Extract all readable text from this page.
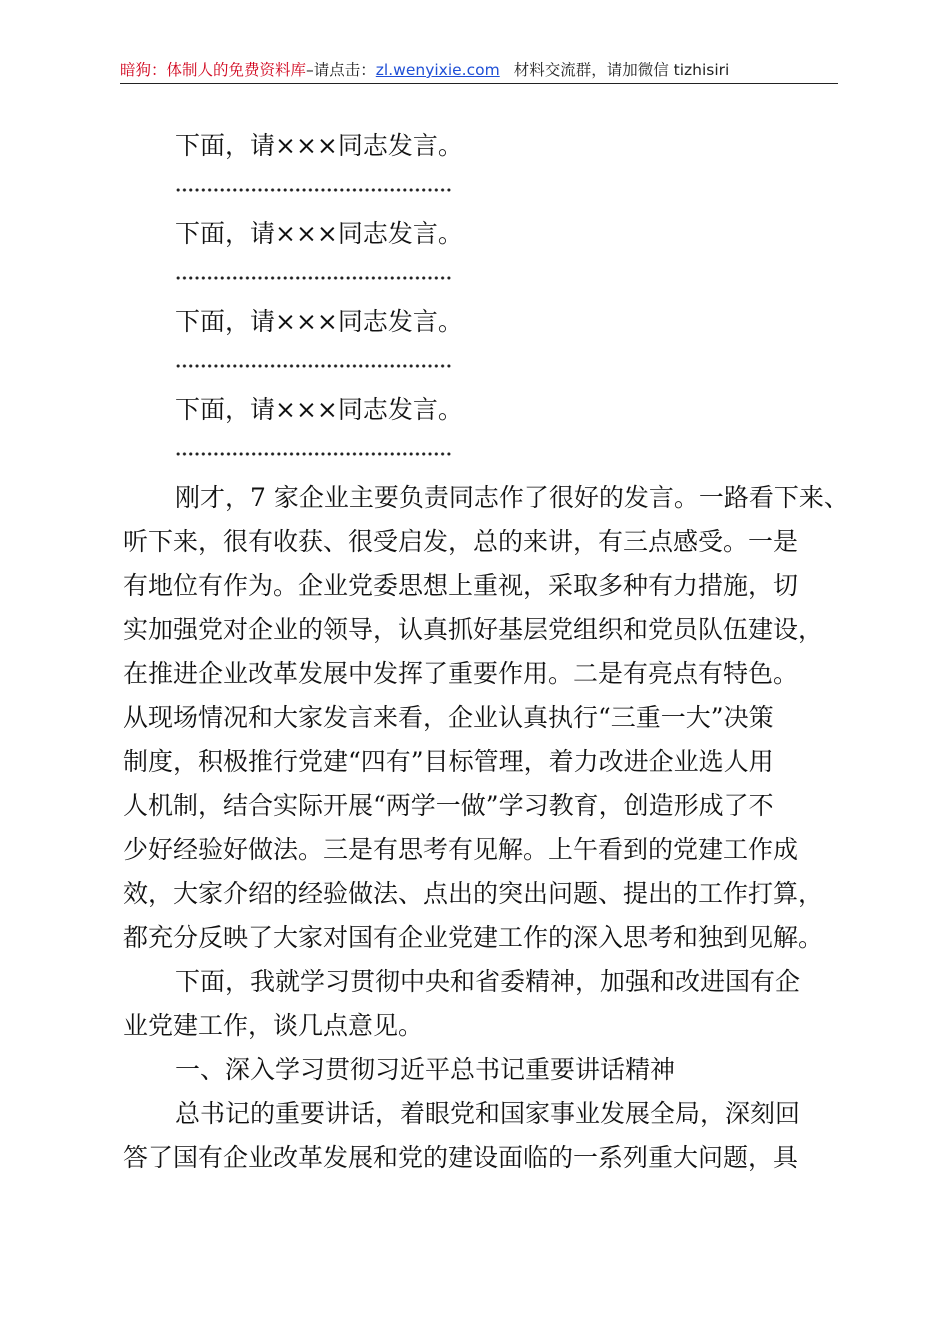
暗狗：体制人的免费资料库–请点击：zl.wenyixie.com 材料交流群，请加微信 tizhisiri
下面，请×××同志发言。
下面，请×××同志发言。
下面，请×××同志发言。
下面，请×××同志发言。
刚才，7 家企业主要负责同志作了很好的发言。一路看下来、
听下来，很有收获、很受启发，总的来讲，有三点感受。一是
有地位有作为。企业党委思想上重视，采取多种有力措施，切
实加强党对企业的领导，认真抓好基层党组织和党员队伍建设，
在推进企业改革发展中发挥了重要作用。二是有亮点有特色。
从现场情况和大家发言来看，企业认真执行“三重一大”决策
制度，积极推行党建“四有”目标管理，着力改进企业选人用
人机制，结合实际开展“两学一做”学习教育，创造形成了不
少好经验好做法。三是有思考有见解。上午看到的党建工作成
效，大家介绍的经验做法、点出的突出问题、提出的工作打算，
都充分反映了大家对国有企业党建工作的深入思考和独到见解。
下面，我就学习贯彻中央和省委精神，加强和改进国有企
业党建工作，谈几点意见。
一、深入学习贯彻习近平总书记重要讲话精神
总书记的重要讲话，着眼党和国家事业发展全局，深刻回
答了国有企业改革发展和党的建设面临的一系列重大问题，具
